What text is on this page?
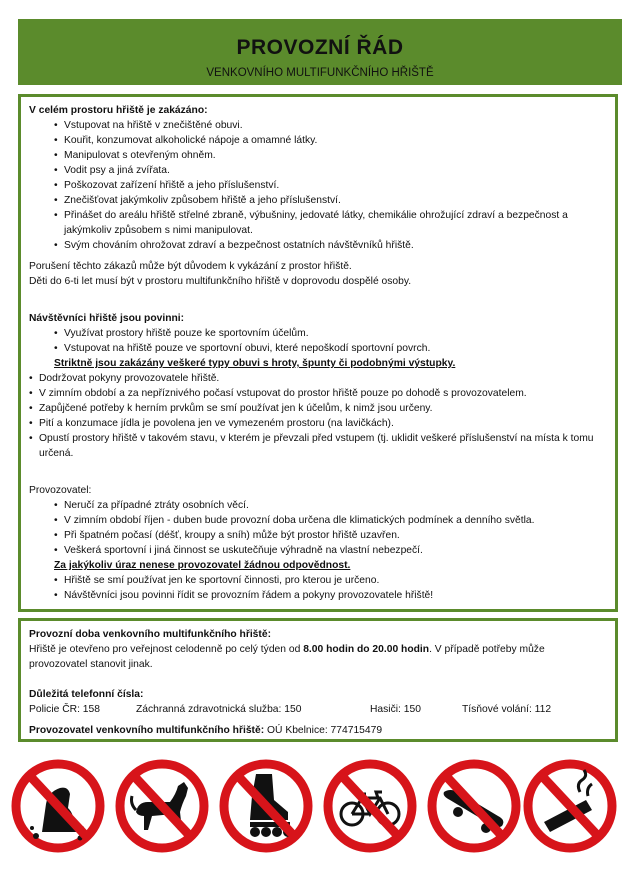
PROVOZNÍ ŘÁD
VENKOVNÍHO MULTIFUNKČNÍHO HŘIŠTĚ

V celém prostoru hřiště je zakázáno:

• Vstupovat na hřiště v znečištěné obuvi.
• Kouřit, konzumovat alkoholické nápoje a omamné látky.
• Manipulovat s otevřeným ohněm.
• Vodit psy a jiná zvířata.
• Poškozovat zařízení hřiště a jeho příslušenství.
• Znečišťovat jakýmkoliv způsobem hřiště a jeho příslušenství.
• Přinášet do areálu hřiště střelné zbraně, výbušniny, jedovaté látky, chemikálie ohrožující zdraví a bezpečnost a jakýmkoliv způsobem s nimi manipulovat.
• Svým chováním ohrožovat zdraví a bezpečnost ostatních návštěvníků hřiště.

Porušení těchto zákazů může být důvodem k vykázání z prostor hřiště.

Děti do 6-ti let musí být v prostoru multifunkčního hřiště v doprovodu dospělé osoby.

Návštěvníci hřiště jsou povinni:

• Využívat prostory hřiště pouze ke sportovním účelům.
• Vstupovat na hřiště pouze ve sportovní obuvi, které nepoškodí sportovní povrch.
Striktně jsou zakázány veškeré typy obuvi s hroty, špunty či podobnými výstupky.
• Dodržovat pokyny provozovatele hřiště.
• V zimním období a za nepříznivého počasí vstupovat do prostor hřiště pouze po dohodě s provozovatelem.
• Zapůjčené potřeby k herním prvkům se smí používat jen k účelům, k nimž jsou určeny.
• Pití a konzumace jídla je povolena jen ve vymezeném prostoru (na lavičkách).
• Opustí prostory hřiště v takovém stavu, v kterém je převzali před vstupem (tj. uklidit veškeré příslušenství na místa k tomu určená.

Provozovatel:

• Neručí za případné ztráty osobních věcí.
• V zimním období říjen - duben bude provozní doba určena dle klimatických podmínek a denního světla.
• Při špatném počasí (déšť, kroupy a sníh) může být prostor hřiště uzavřen.
• Veškerá sportovní i jiná činnost se uskutečňuje výhradně na vlastní nebezpečí.
Za jakýkoliv úraz nenese provozovatel žádnou odpovědnost.
• Hřiště se smí používat jen ke sportovní činnosti, pro kterou je určeno.
• Návštěvníci jsou povinni řídit se provozním řádem a pokyny provozovatele hřiště!

Provozní doba venkovního multifunkčního hřiště:

Hřiště je otevřeno pro veřejnost celodenně po celý týden od 8.00 hodin do 20.00 hodin. V případě potřeby může

provozovatel stanovit jinak.

Důležitá telefonní čísla:

Policie ČR: 158	Záchranná zdravotnická služba: 150	Hasiči: 150	Tísňové volání: 112

Provozovatel venkovního multifunkčního hřiště: OÚ Kbelnice: 774715479
